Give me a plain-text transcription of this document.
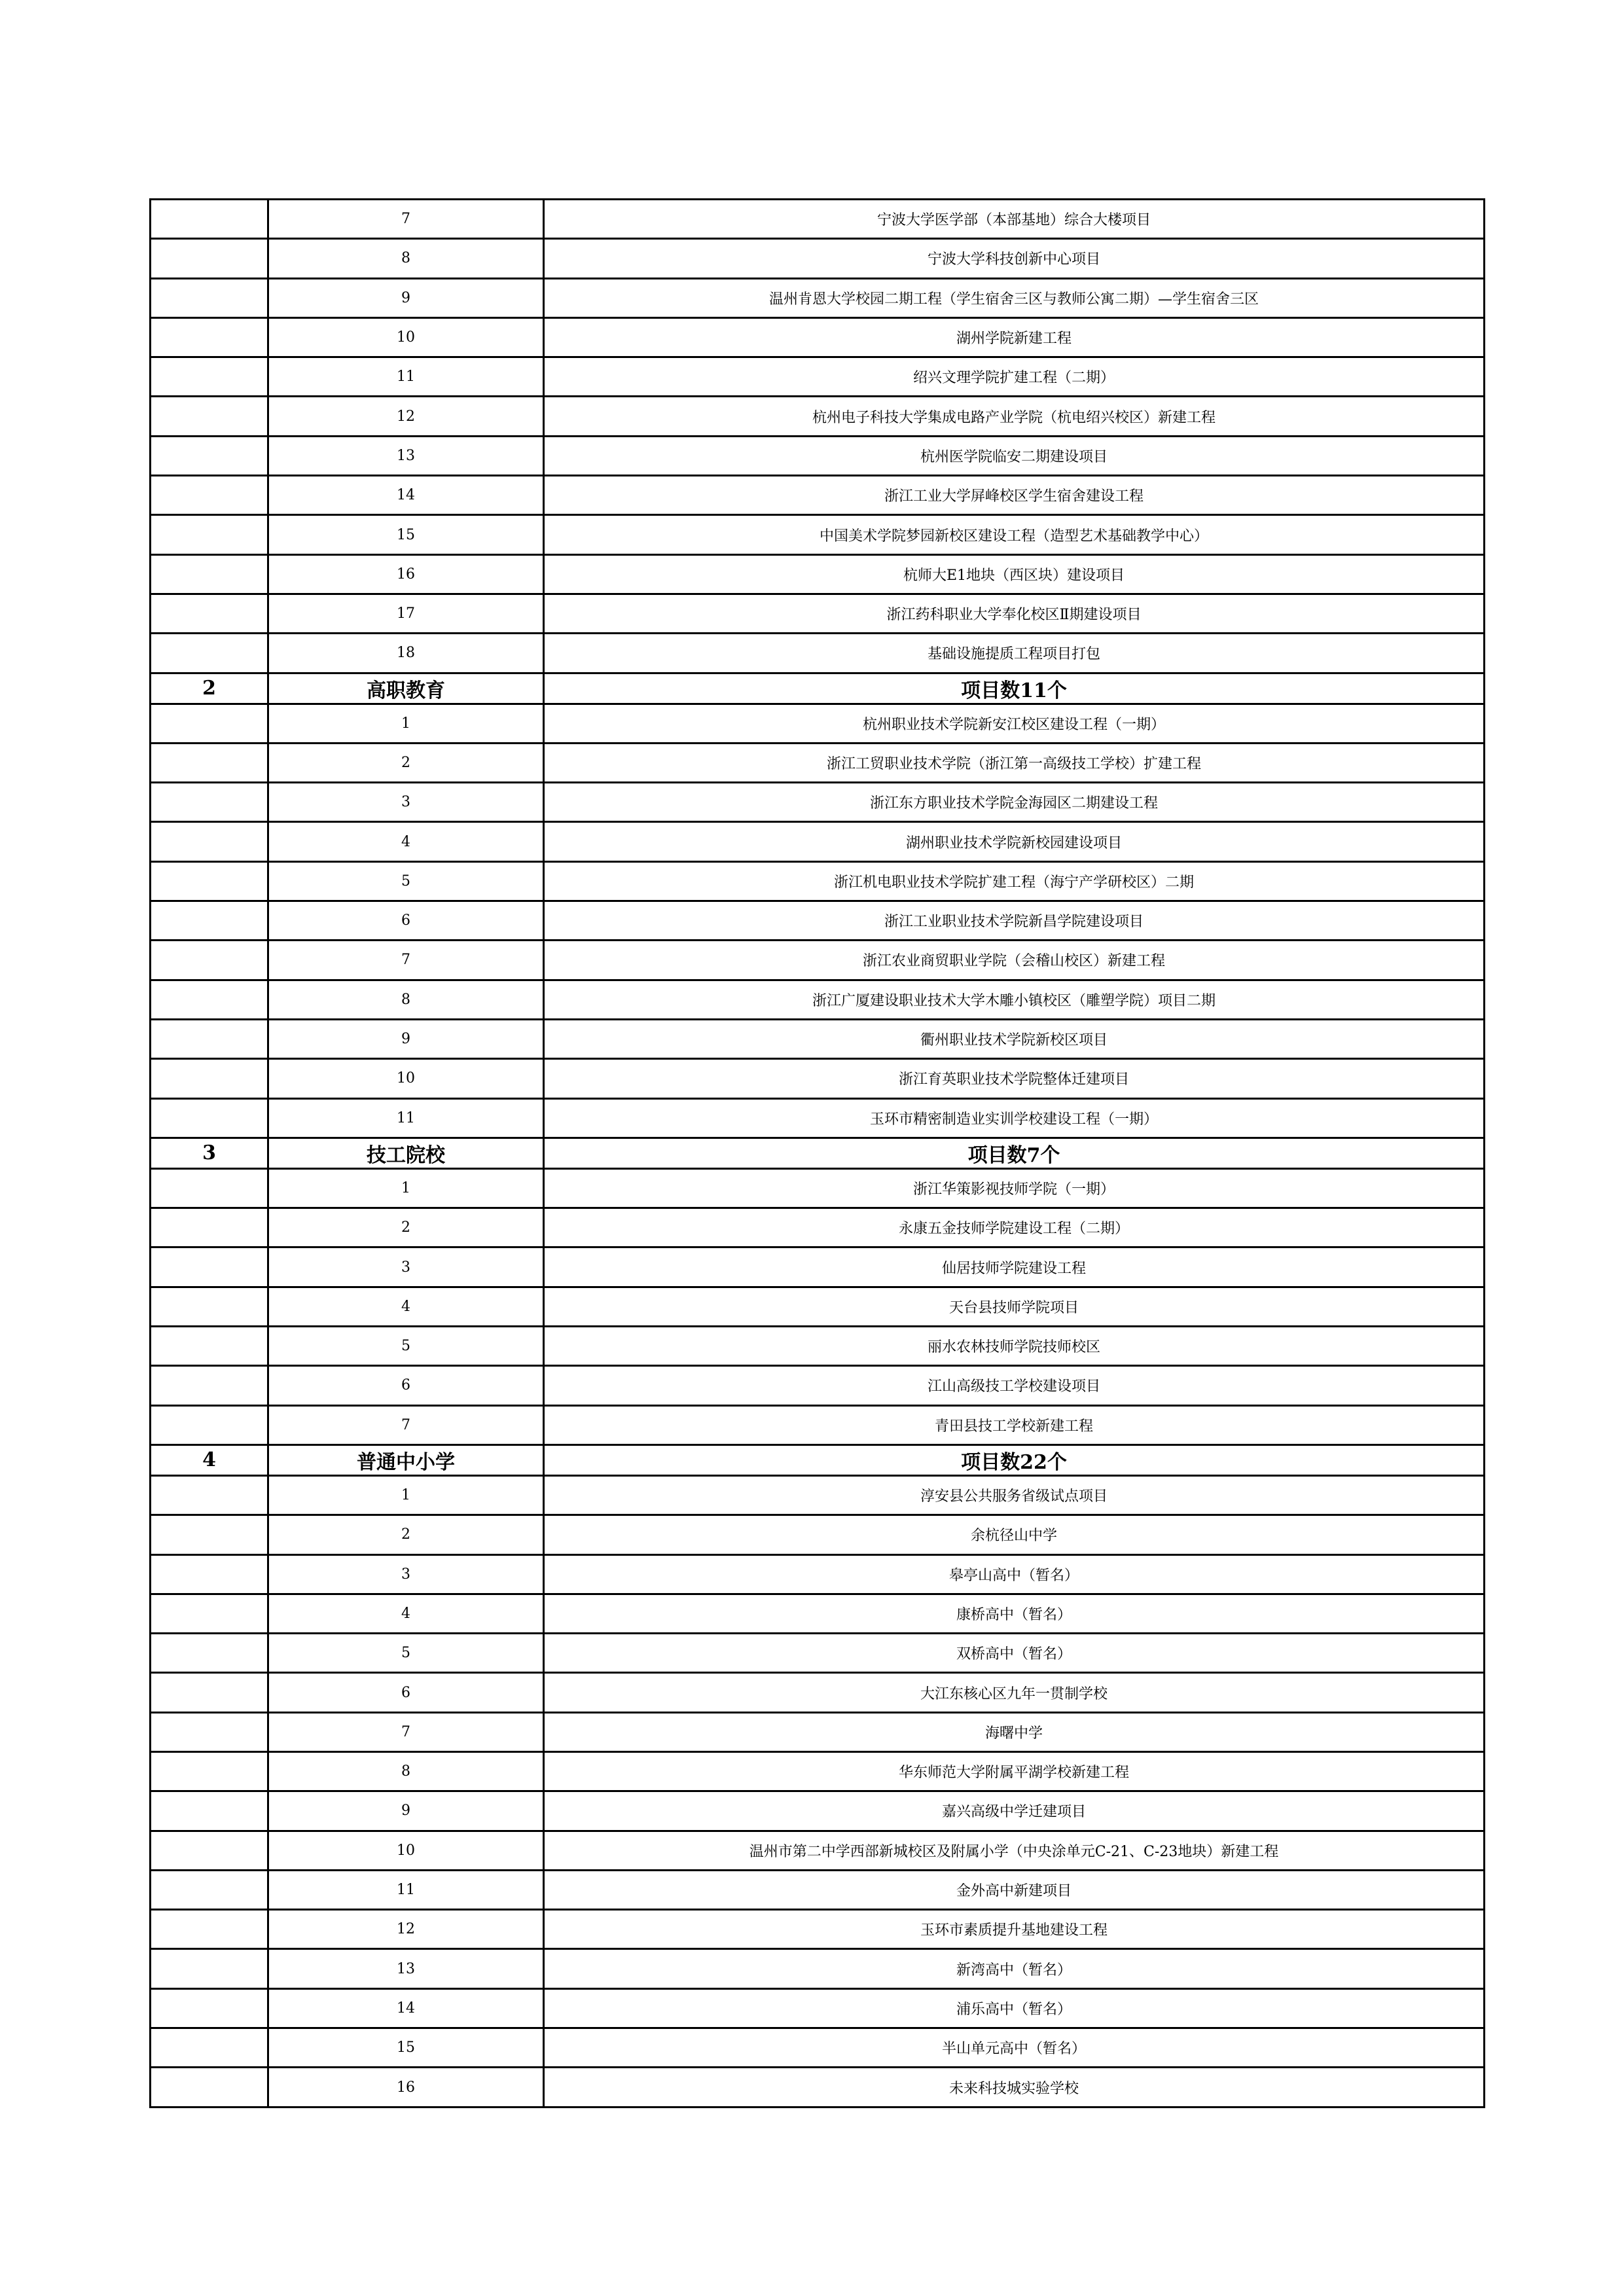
	7	宁波大学医学部（本部基地）综合大楼项目
	8	宁波大学科技创新中心项目
	9	温州肯恩大学校园二期工程（学生宿舍三区与教师公寓二期）—学生宿舍三区
	10	湖州学院新建工程
	11	绍兴文理学院扩建工程（二期）
	12	杭州电子科技大学集成电路产业学院（杭电绍兴校区）新建工程
	13	杭州医学院临安二期建设项目
	14	浙江工业大学屏峰校区学生宿舍建设工程
	15	中国美术学院梦园新校区建设工程（造型艺术基础教学中心）
	16	杭师大E1地块（西区块）建设项目
	17	浙江药科职业大学奉化校区Ⅱ期建设项目
	18	基础设施提质工程项目打包
2	高职教育	项目数11个
	1	杭州职业技术学院新安江校区建设工程（一期）
	2	浙江工贸职业技术学院（浙江第一高级技工学校）扩建工程
	3	浙江东方职业技术学院金海园区二期建设工程
	4	湖州职业技术学院新校园建设项目
	5	浙江机电职业技术学院扩建工程（海宁产学研校区）二期
	6	浙江工业职业技术学院新昌学院建设项目
	7	浙江农业商贸职业学院（会稽山校区）新建工程
	8	浙江广厦建设职业技术大学木雕小镇校区（雕塑学院）项目二期
	9	衢州职业技术学院新校区项目
	10	浙江育英职业技术学院整体迁建项目
	11	玉环市精密制造业实训学校建设工程（一期）
3	技工院校	项目数7个
	1	浙江华策影视技师学院（一期）
	2	永康五金技师学院建设工程（二期）
	3	仙居技师学院建设工程
	4	天台县技师学院项目
	5	丽水农林技师学院技师校区
	6	江山高级技工学校建设项目
	7	青田县技工学校新建工程
4	普通中小学	项目数22个
	1	淳安县公共服务省级试点项目
	2	余杭径山中学
	3	皋亭山高中（暂名）
	4	康桥高中（暂名）
	5	双桥高中（暂名）
	6	大江东核心区九年一贯制学校
	7	海曙中学
	8	华东师范大学附属平湖学校新建工程
	9	嘉兴高级中学迁建项目
	10	温州市第二中学西部新城校区及附属小学（中央涂单元C-21、C-23地块）新建工程
	11	金外高中新建项目
	12	玉环市素质提升基地建设工程
	13	新湾高中（暂名）
	14	浦乐高中（暂名）
	15	半山单元高中（暂名）
	16	未来科技城实验学校
